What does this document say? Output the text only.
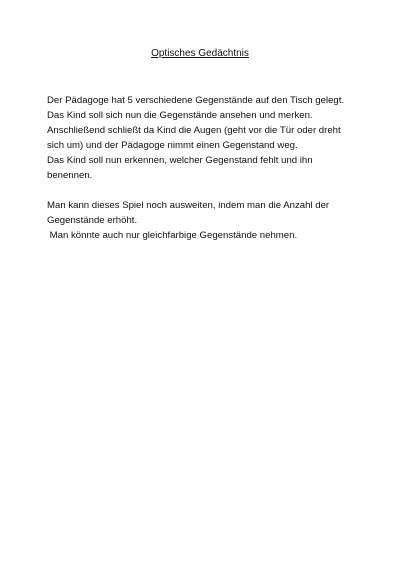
Optisches Gedächtnis
Der Pädagoge hat 5 verschiedene Gegenstände auf den Tisch gelegt.
Das Kind soll sich nun die Gegenstände ansehen und merken.
Anschließend schließt da Kind die Augen (geht vor die Tür oder dreht
sich um) und der Pädagoge nimmt einen Gegenstand weg.
Das Kind soll nun erkennen, welcher Gegenstand fehlt und ihn
benennen.
Man kann dieses Spiel noch ausweiten, indem man die Anzahl der
Gegenstände erhöht.
Man könnte auch nur gleichfarbige Gegenstände nehmen.
